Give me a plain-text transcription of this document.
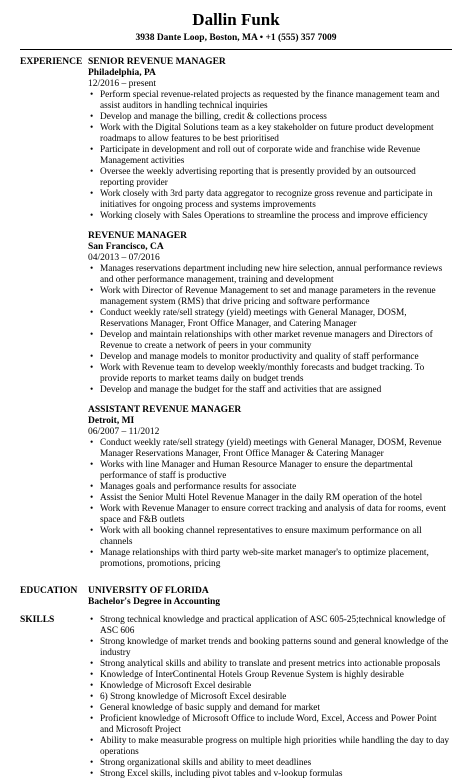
Dallin Funk
3938 Dante Loop, Boston, MA • +1 (555) 357 7009
EXPERIENCE SENIOR REVENUE MANAGER
Philadelphia, PA
12/2016 – present
• Perform special revenue-related projects as requested by the finance management team and assist auditors in handling technical inquiries
• Develop and manage the billing, credit & collections process
• Work with the Digital Solutions team as a key stakeholder on future product development roadmaps to allow features to be best prioritised
• Participate in development and roll out of corporate wide and franchise wide Revenue Management activities
• Oversee the weekly advertising reporting that is presently provided by an outsourced reporting provider
• Work closely with 3rd party data aggregator to recognize gross revenue and participate in initiatives for ongoing process and systems improvements
• Working closely with Sales Operations to streamline the process and improve efficiency
REVENUE MANAGER
San Francisco, CA
04/2013 – 07/2016
• Manages reservations department including new hire selection, annual performance reviews and other performance management, training and development
• Work with Director of Revenue Management to set and manage parameters in the revenue management system (RMS) that drive pricing and software performance
• Conduct weekly rate/sell strategy (yield) meetings with General Manager, DOSM, Reservations Manager, Front Office Manager, and Catering Manager
• Develop and maintain relationships with other market revenue managers and Directors of Revenue to create a network of peers in your community
• Develop and manage models to monitor productivity and quality of staff performance
• Work with Revenue team to develop weekly/monthly forecasts and budget tracking. To provide reports to market teams daily on budget trends
• Develop and manage the budget for the staff and activities that are assigned
ASSISTANT REVENUE MANAGER
Detroit, MI
06/2007 – 11/2012
• Conduct weekly rate/sell strategy (yield) meetings with General Manager, DOSM, Revenue Manager Reservations Manager, Front Office Manager & Catering Manager
• Works with line Manager and Human Resource Manager to ensure the departmental performance of staff is productive
• Manages goals and performance results for associate
• Assist the Senior Multi Hotel Revenue Manager in the daily RM operation of the hotel
• Work with Revenue Manager to ensure correct tracking and analysis of data for rooms, event space and F&B outlets
• Work with all booking channel representatives to ensure maximum performance on all channels
• Manage relationships with third party web-site market manager's to optimize placement, promotions, promotions, pricing
EDUCATION	UNIVERSITY OF FLORIDA
Bachelor's Degree in Accounting
SKILLS
•	Strong technical knowledge and practical application of ASC 605-25;technical knowledge of ASC 606
• Strong knowledge of market trends and booking patterns sound and general knowledge of the industry
• Strong analytical skills and ability to translate and present metrics into actionable proposals
• Knowledge of InterContinental Hotels Group Revenue System is highly desirable
• Knowledge of Microsoft Excel desirable
• 6) Strong knowledge of Microsoft Excel desirable
• General knowledge of basic supply and demand for market
• Proficient knowledge of Microsoft Office to include Word, Excel, Access and Power Point and Microsoft Project
• Ability to make measurable progress on multiple high priorities while handling the day to day operations
• Strong organizational skills and ability to meet deadlines
• Strong Excel skills, including pivot tables and v-lookup formulas
